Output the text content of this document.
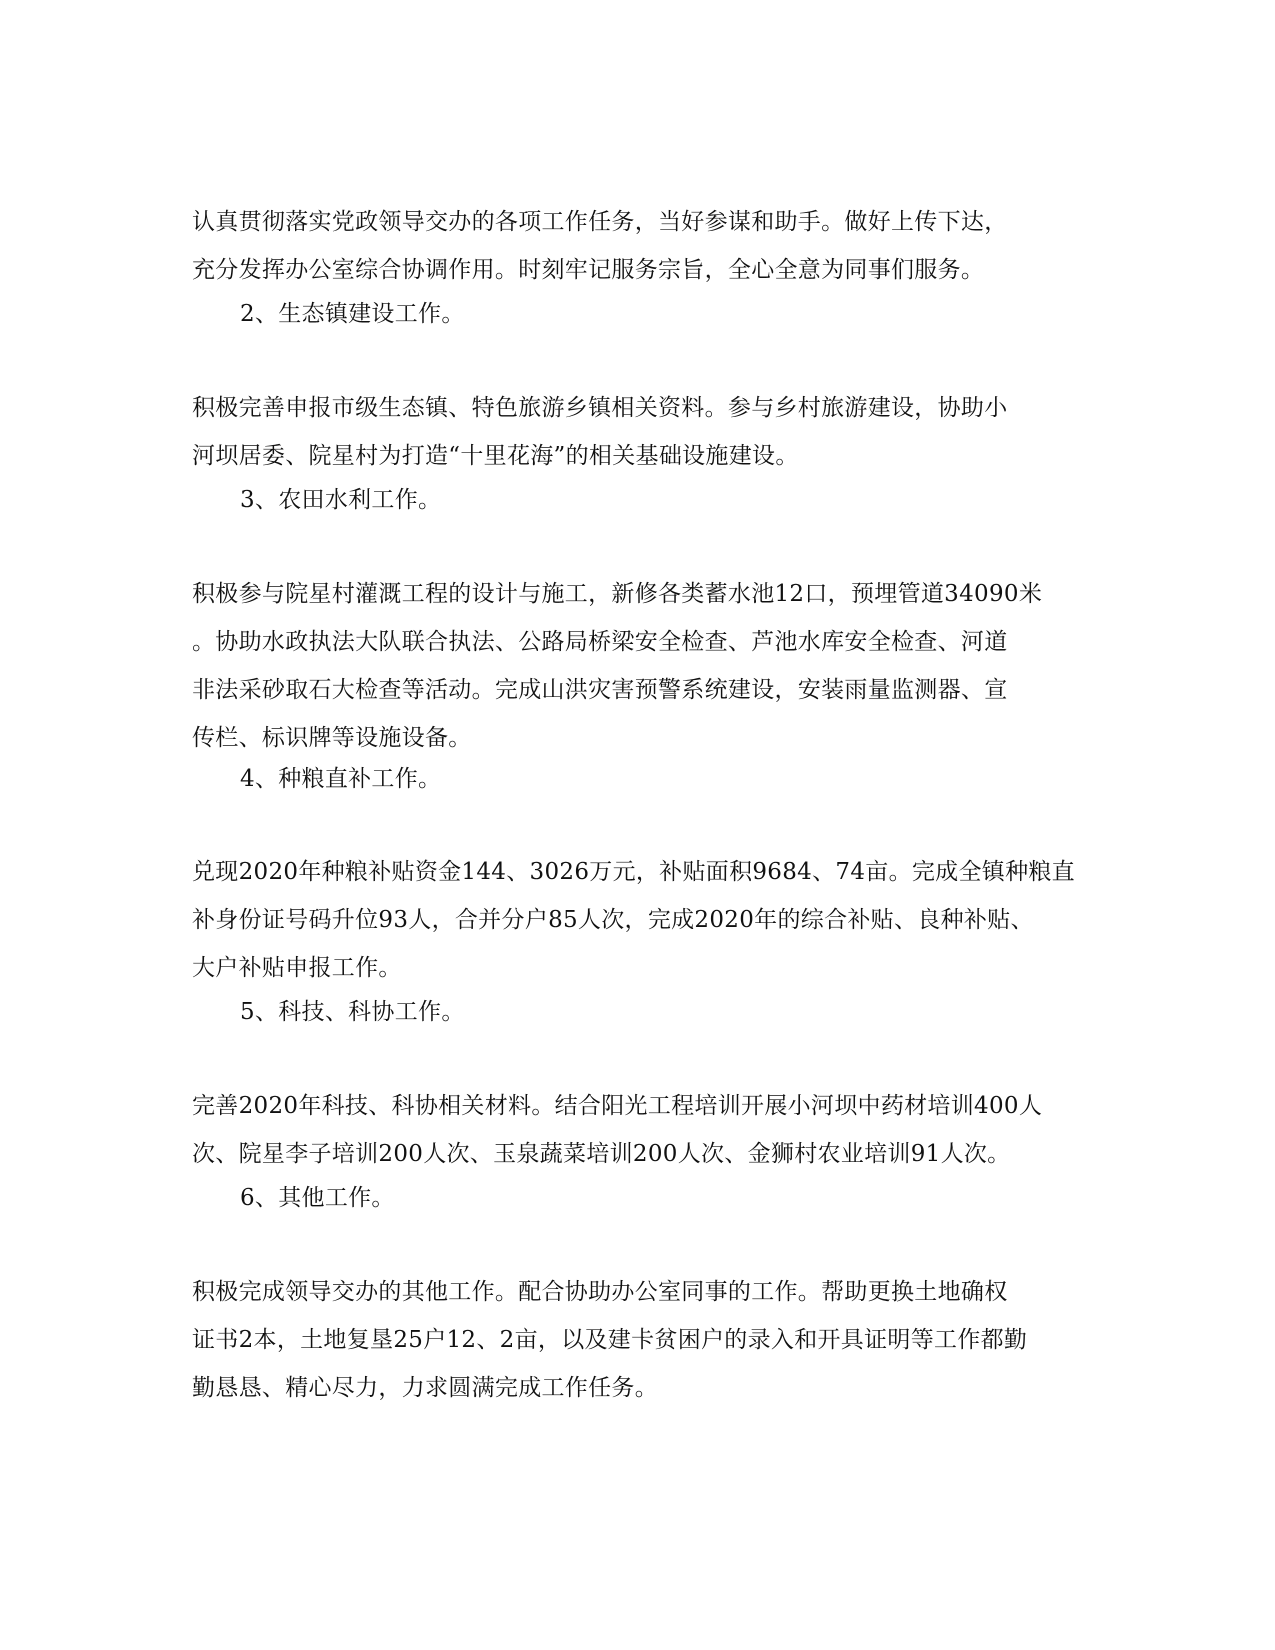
认真贯彻落实党政领导交办的各项工作任务，当好参谋和助手。做好上传下达，
充分发挥办公室综合协调作用。时刻牢记服务宗旨，全心全意为同事们服务。

2、生态镇建设工作。

积极完善申报市级生态镇、特色旅游乡镇相关资料。参与乡村旅游建设，协助小
河坝居委、院星村为打造“十里花海”的相关基础设施建设。

3、农田水利工作。

积极参与院星村灌溉工程的设计与施工，新修各类蓄水池12口，预埋管道34090米
。协助水政执法大队联合执法、公路局桥梁安全检查、芦池水库安全检查、河道
非法采砂取石大检查等活动。完成山洪灾害预警系统建设，安装雨量监测器、宣
传栏、标识牌等设施设备。

4、种粮直补工作。

兑现2020年种粮补贴资金144、3026万元，补贴面积9684、74亩。完成全镇种粮直
补身份证号码升位93人，合并分户85人次，完成2020年的综合补贴、良种补贴、
大户补贴申报工作。

5、科技、科协工作。

完善2020年科技、科协相关材料。结合阳光工程培训开展小河坝中药材培训400人
次、院星李子培训200人次、玉泉蔬菜培训200人次、金狮村农业培训91人次。

6、其他工作。

积极完成领导交办的其他工作。配合协助办公室同事的工作。帮助更换土地确权
证书2本，土地复垦25户12、2亩，以及建卡贫困户的录入和开具证明等工作都勤
勤恳恳、精心尽力，力求圆满完成工作任务。
